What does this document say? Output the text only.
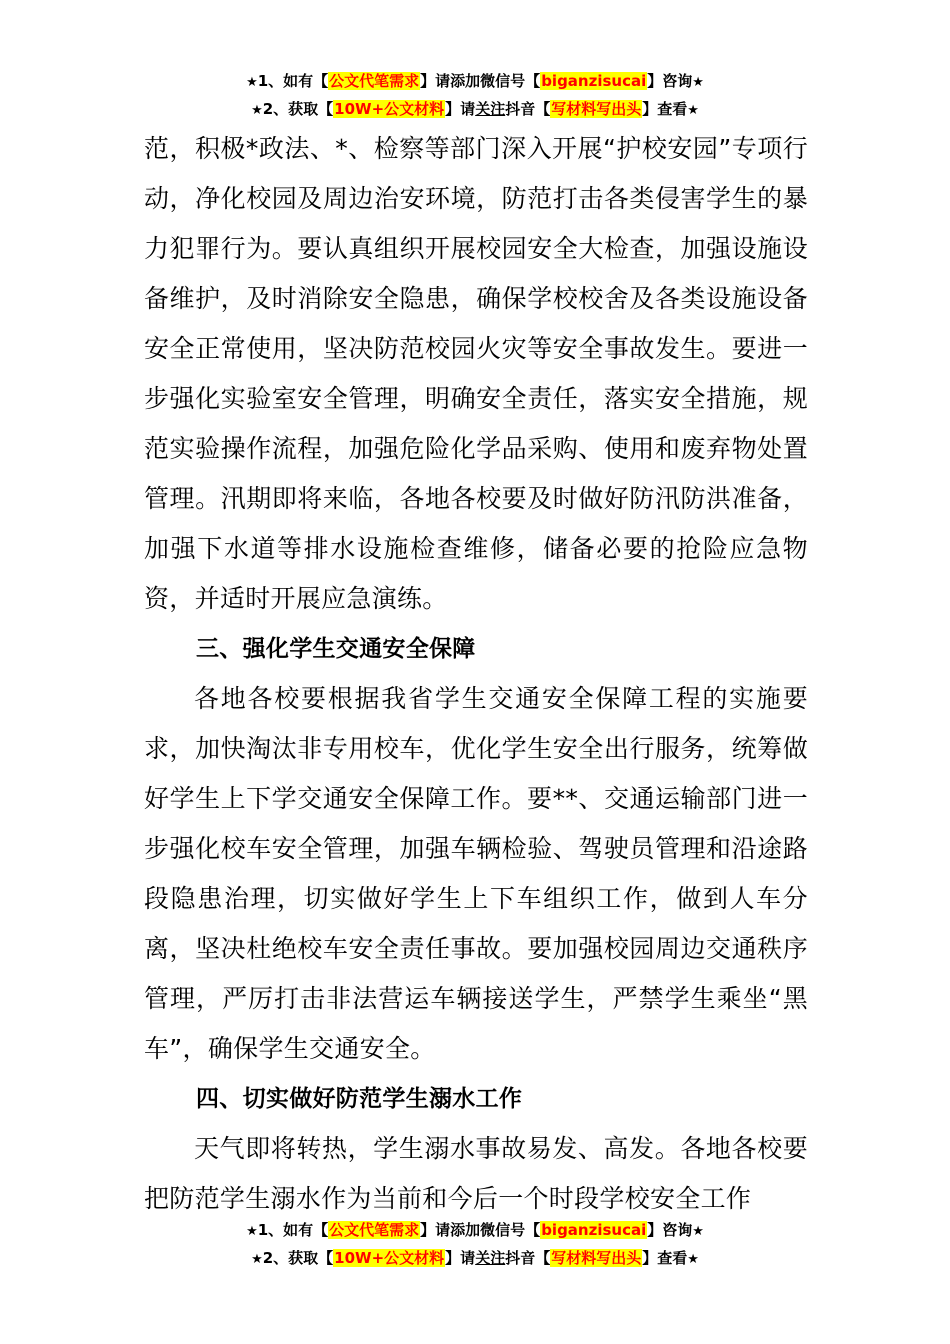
★1、如有【公文代笔需求】请添加微信号【biganzisucai】咨询★
★2、获取【10W+公文材料】请关注抖音【写材料写出头】查看★

范，积极*政法、*、检察等部门深入开展“护校安园”专项行动，净化校园及周边治安环境，防范打击各类侵害学生的暴力犯罪行为。要认真组织开展校园安全大检查，加强设施设备维护，及时消除安全隐患，确保学校校舍及各类设施设备安全正常使用，坚决防范校园火灾等安全事故发生。要进一步强化实验室安全管理，明确安全责任，落实安全措施，规范实验操作流程，加强危险化学品采购、使用和废弃物处置管理。汛期即将来临，各地各校要及时做好防汛防洪准备，加强下水道等排水设施检查维修，储备必要的抢险应急物资，并适时开展应急演练。

三、强化学生交通安全保障

各地各校要根据我省学生交通安全保障工程的实施要求，加快淘汰非专用校车，优化学生安全出行服务，统筹做好学生上下学交通安全保障工作。要**、交通运输部门进一步强化校车安全管理，加强车辆检验、驾驶员管理和沿途路段隐患治理，切实做好学生上下车组织工作，做到人车分离，坚决杜绝校车安全责任事故。要加强校园周边交通秩序管理，严厉打击非法营运车辆接送学生，严禁学生乘坐“黑车”，确保学生交通安全。

四、切实做好防范学生溺水工作

天气即将转热，学生溺水事故易发、高发。各地各校要把防范学生溺水作为当前和今后一个时段学校安全工作

★1、如有【公文代笔需求】请添加微信号【biganzisucai】咨询★
★2、获取【10W+公文材料】请关注抖音【写材料写出头】查看★
